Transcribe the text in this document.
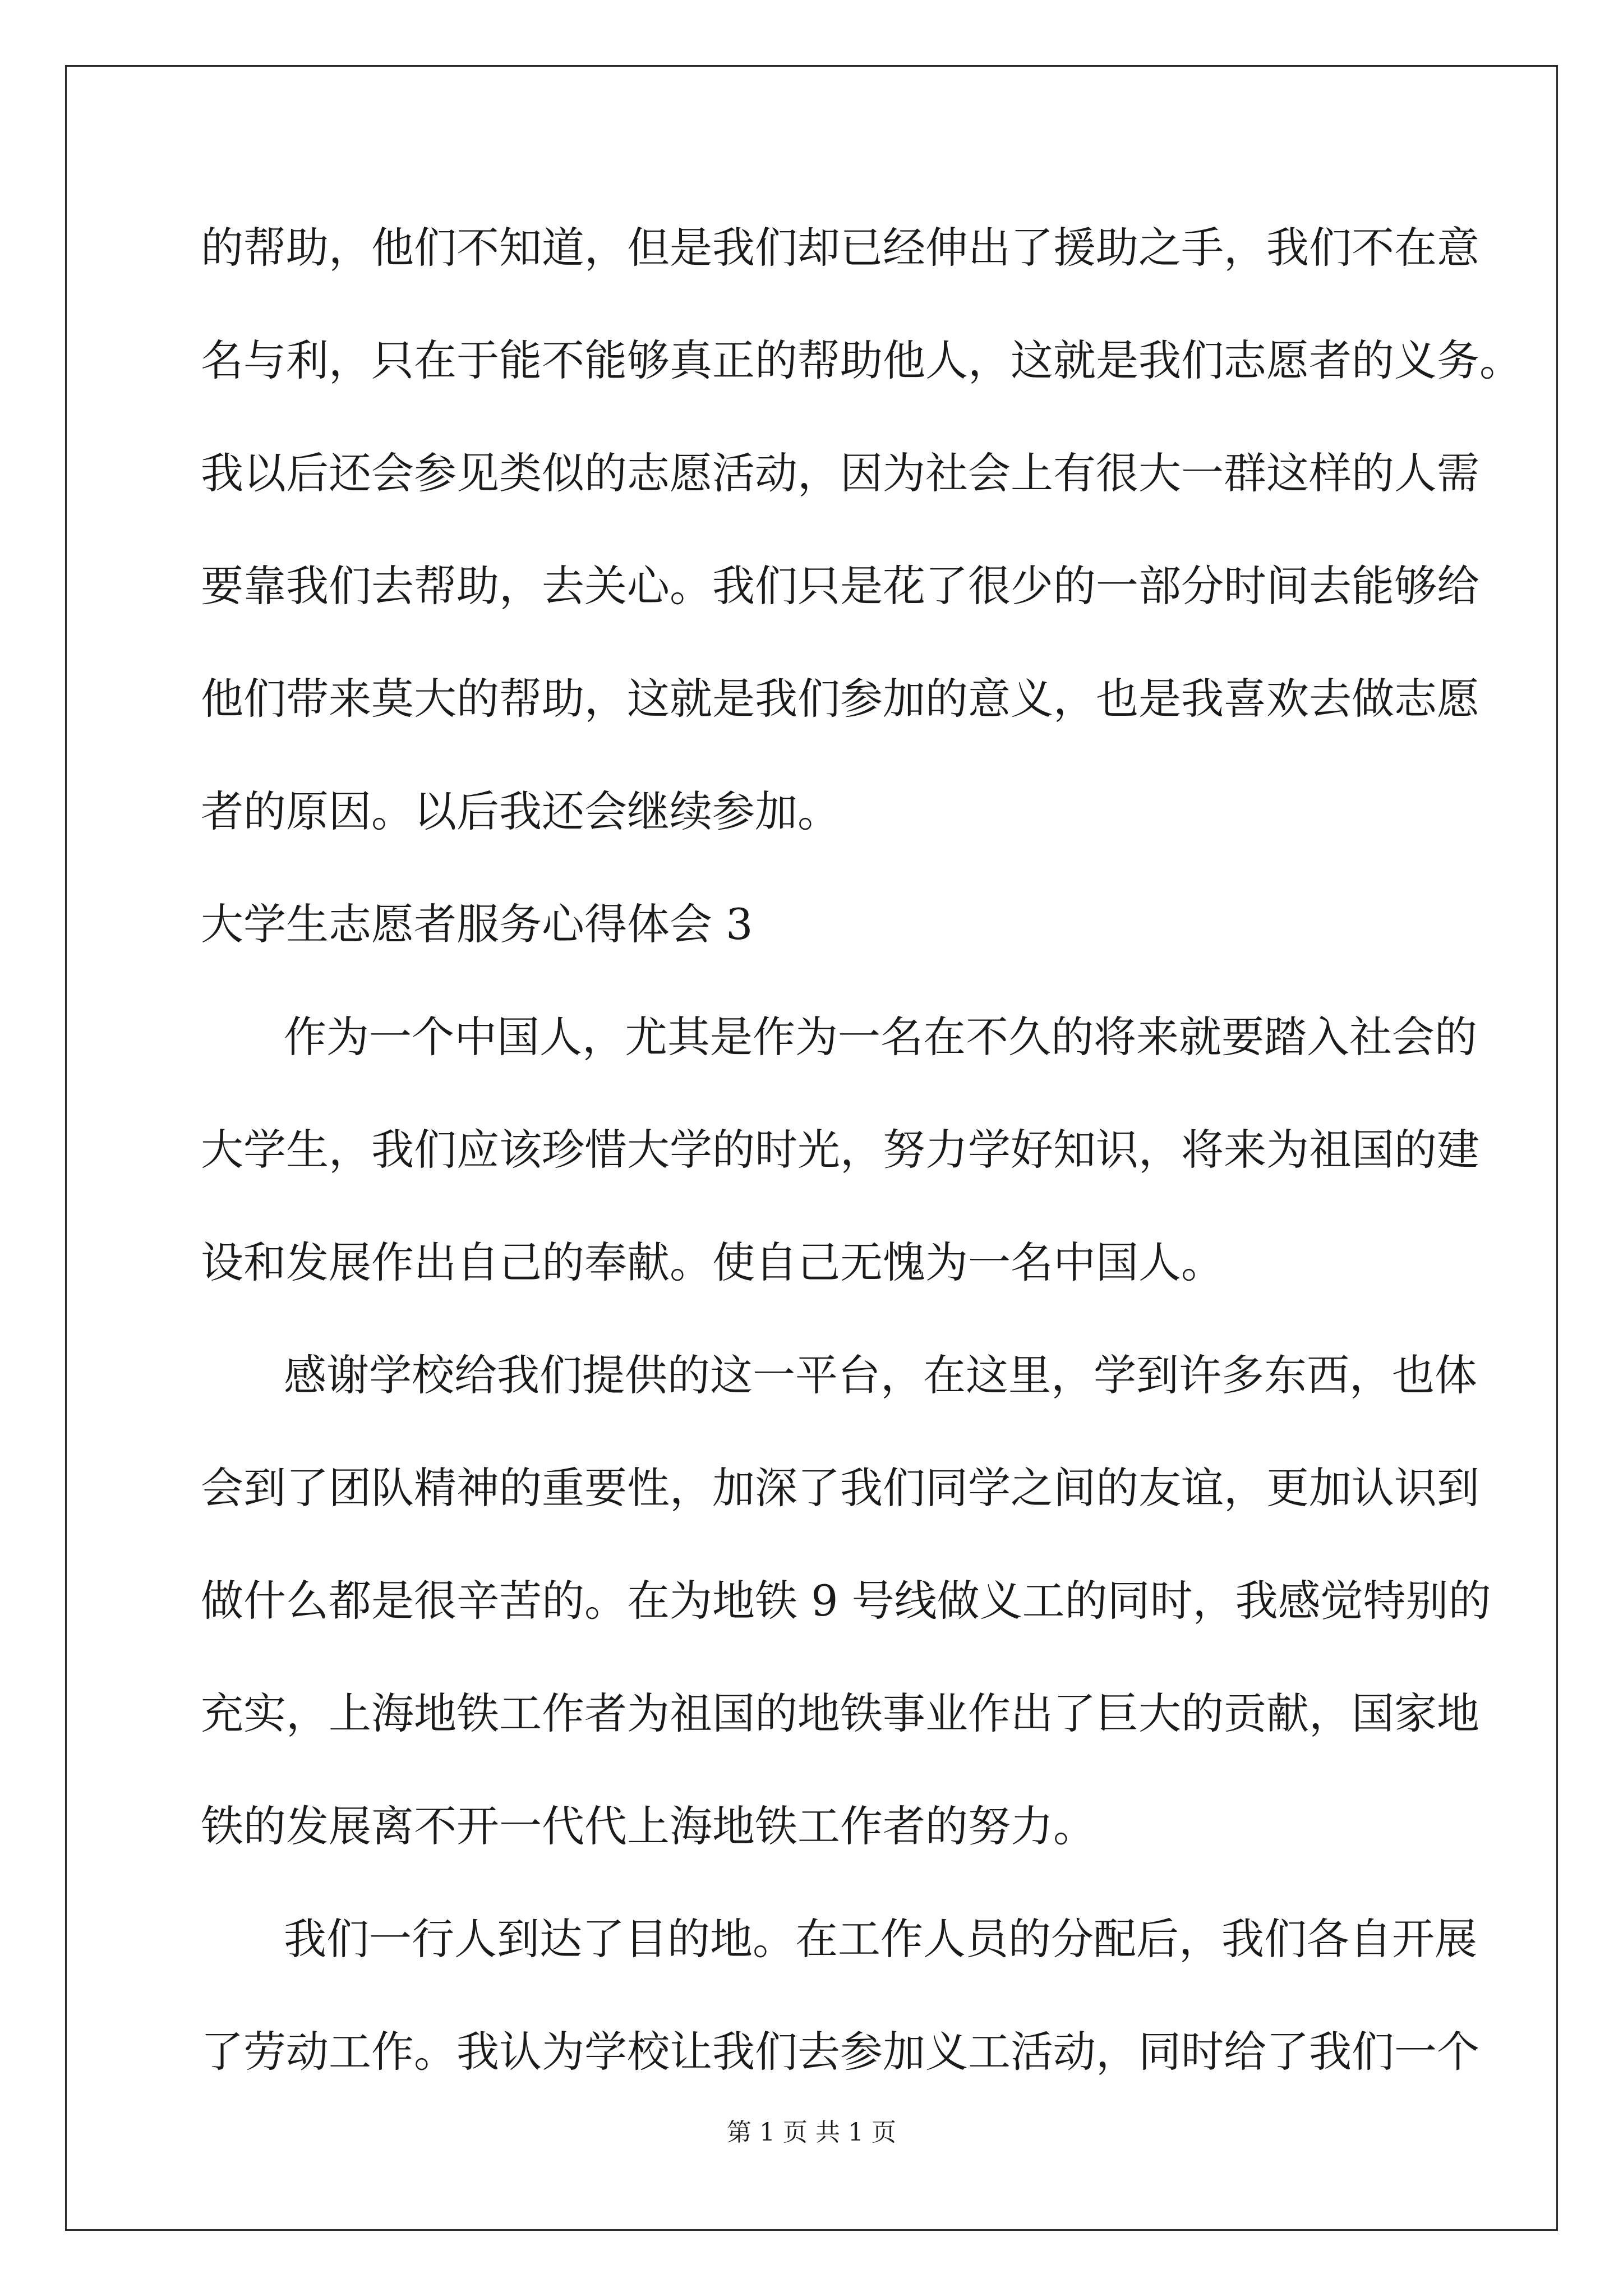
的帮助，他们不知道，但是我们却已经伸出了援助之手，我们不在意
名与利，只在于能不能够真正的帮助他人，这就是我们志愿者的义务。
我以后还会参见类似的志愿活动，因为社会上有很大一群这样的人需
要靠我们去帮助，去关心。我们只是花了很少的一部分时间去能够给
他们带来莫大的帮助，这就是我们参加的意义，也是我喜欢去做志愿
者的原因。以后我还会继续参加。
大学生志愿者服务心得体会 3
作为一个中国人，尤其是作为一名在不久的将来就要踏入社会的
大学生，我们应该珍惜大学的时光，努力学好知识，将来为祖国的建
设和发展作出自己的奉献。使自己无愧为一名中国人。
感谢学校给我们提供的这一平台，在这里，学到许多东西，也体
会到了团队精神的重要性，加深了我们同学之间的友谊，更加认识到
做什么都是很辛苦的。在为地铁 9 号线做义工的同时，我感觉特别的
充实，上海地铁工作者为祖国的地铁事业作出了巨大的贡献，国家地
铁的发展离不开一代代上海地铁工作者的努力。
我们一行人到达了目的地。在工作人员的分配后，我们各自开展
了劳动工作。我认为学校让我们去参加义工活动，同时给了我们一个
第 1 页 共 1 页
